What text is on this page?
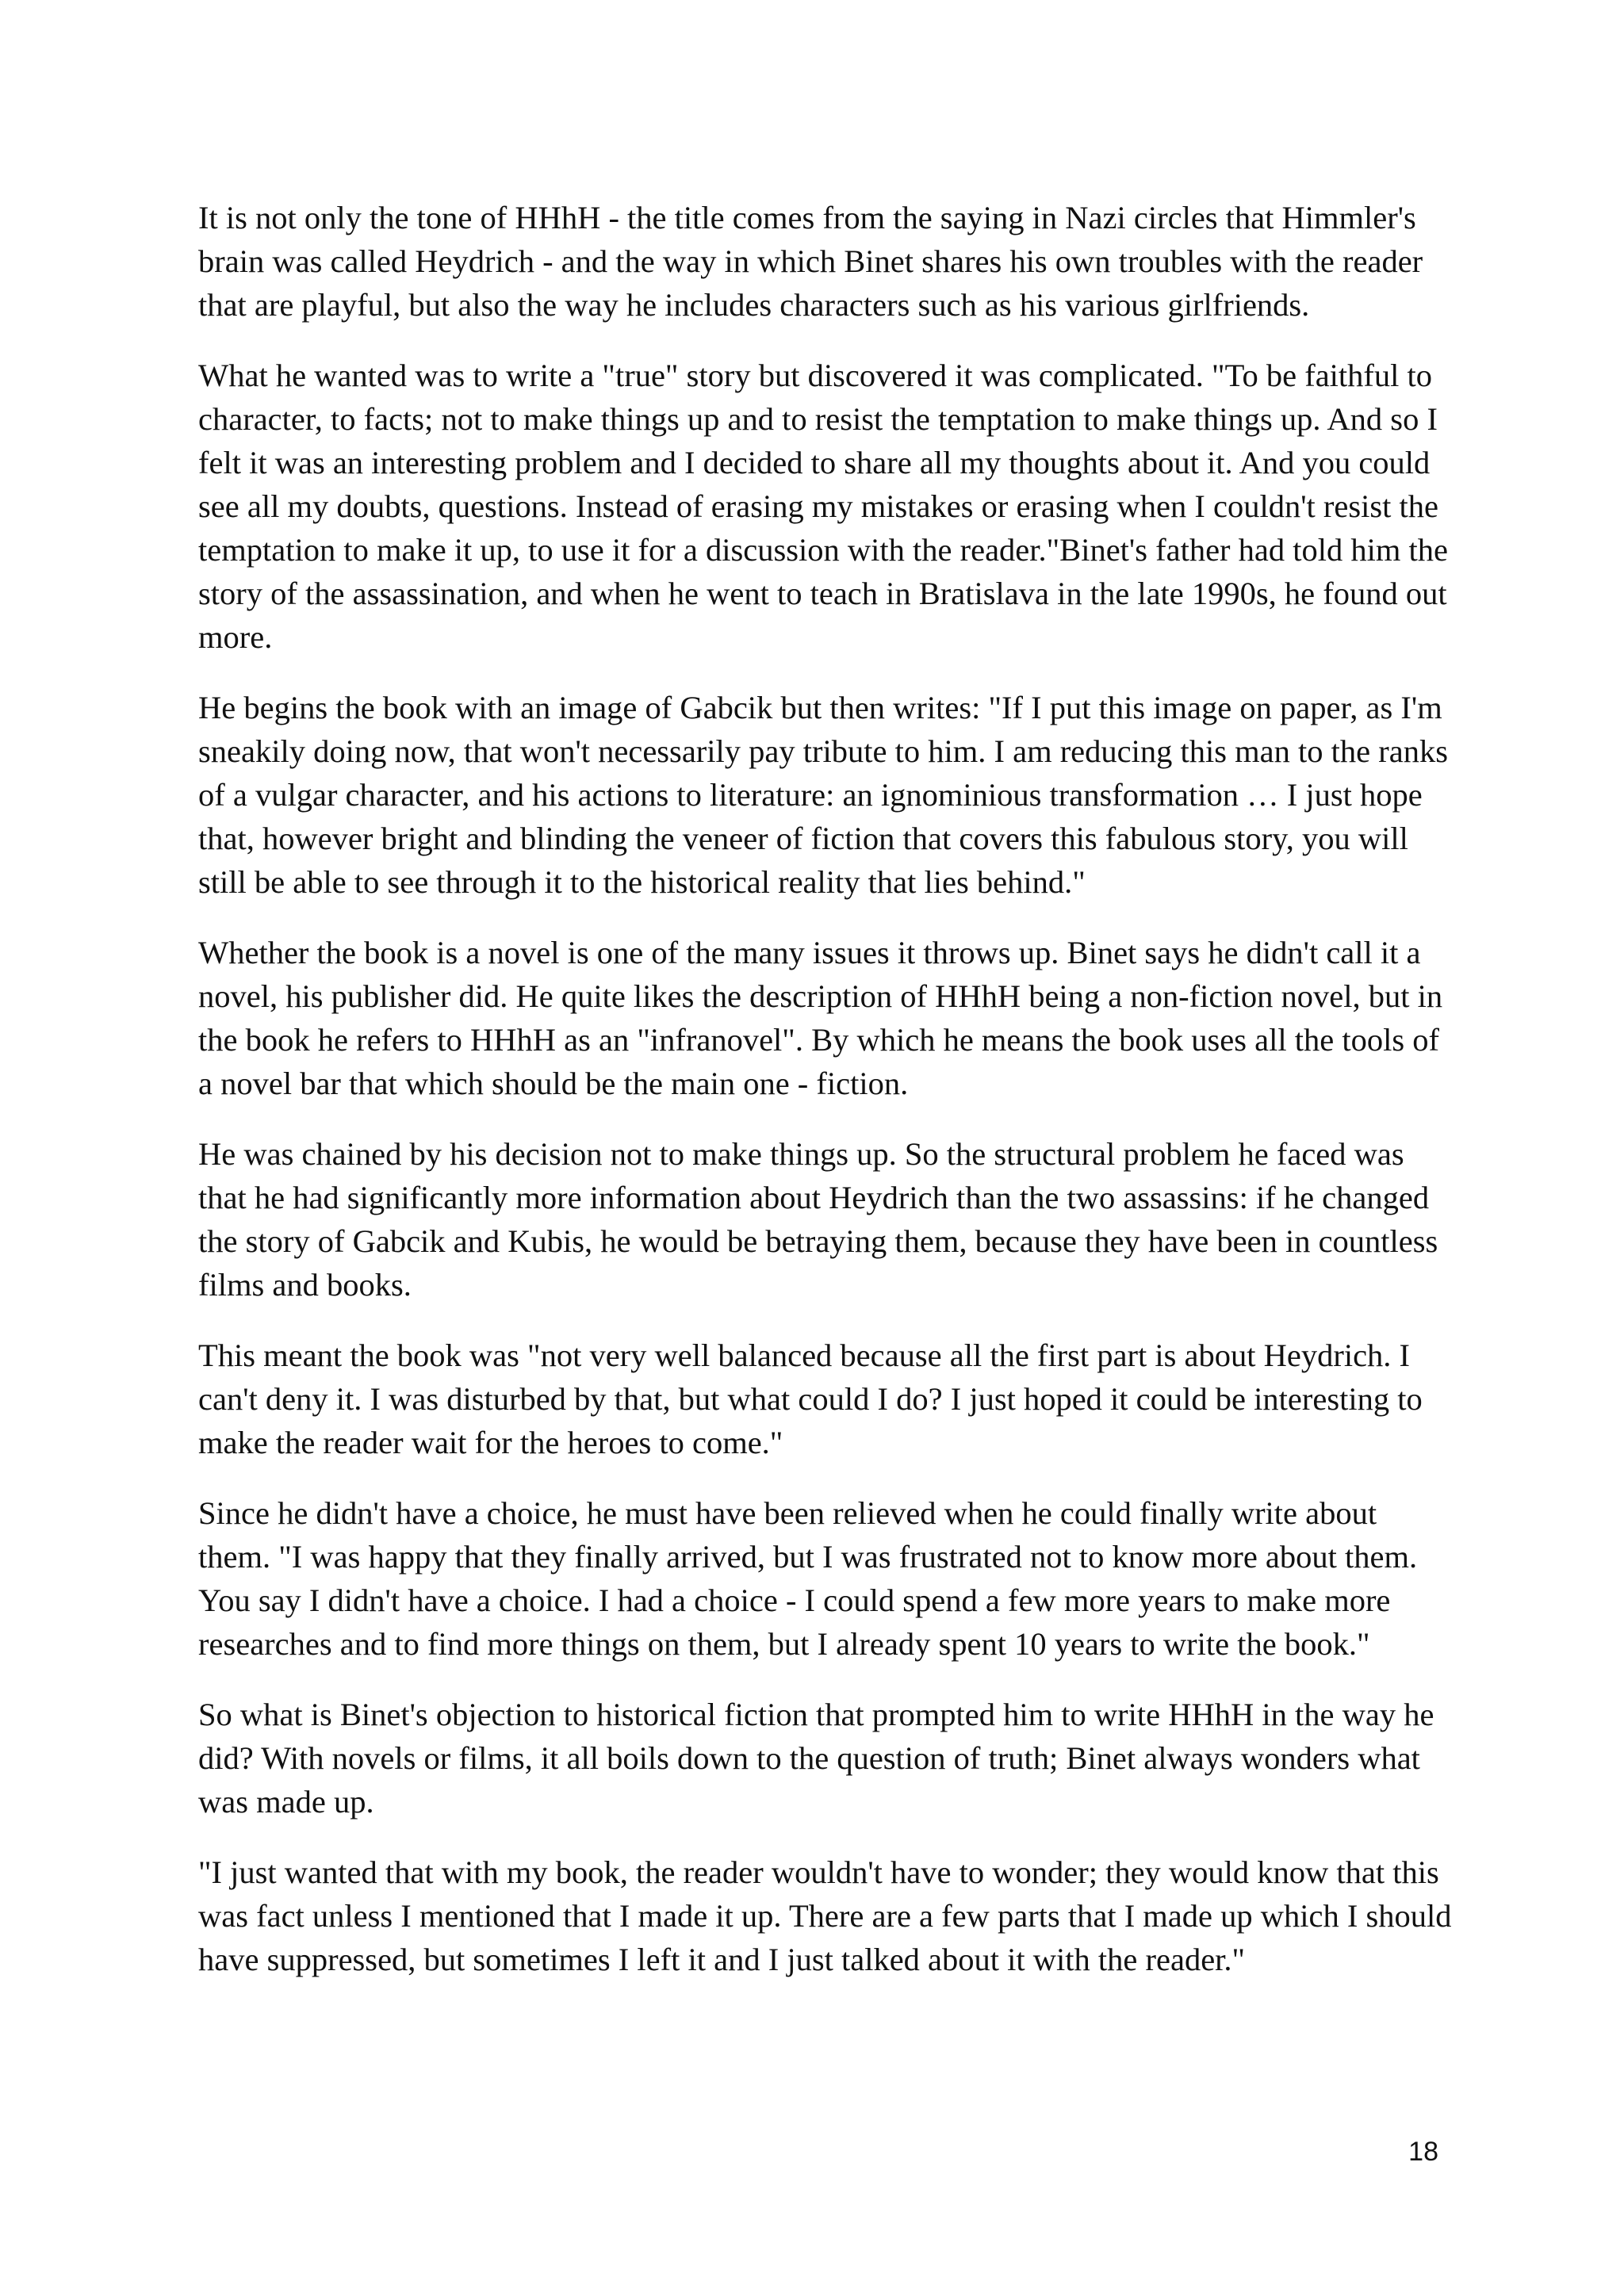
It is not only the tone of HHhH - the title comes from the saying in Nazi circles that Himmler's brain was called Heydrich - and the way in which Binet shares his own troubles with the reader that are playful, but also the way he includes characters such as his various girlfriends.

What he wanted was to write a "true" story but discovered it was complicated. "To be faithful to character, to facts; not to make things up and to resist the temptation to make things up. And so I felt it was an interesting problem and I decided to share all my thoughts about it. And you could see all my doubts, questions. Instead of erasing my mistakes or erasing when I couldn't resist the temptation to make it up, to use it for a discussion with the reader."Binet's father had told him the story of the assassination, and when he went to teach in Bratislava in the late 1990s, he found out more.

He begins the book with an image of Gabcik but then writes: "If I put this image on paper, as I'm sneakily doing now, that won't necessarily pay tribute to him. I am reducing this man to the ranks of a vulgar character, and his actions to literature: an ignominious transformation … I just hope that, however bright and blinding the veneer of fiction that covers this fabulous story, you will still be able to see through it to the historical reality that lies behind."

Whether the book is a novel is one of the many issues it throws up. Binet says he didn't call it a novel, his publisher did. He quite likes the description of HHhH being a non-fiction novel, but in the book he refers to HHhH as an "infranovel". By which he means the book uses all the tools of a novel bar that which should be the main one - fiction.

He was chained by his decision not to make things up. So the structural problem he faced was that he had significantly more information about Heydrich than the two assassins: if he changed the story of Gabcik and Kubis, he would be betraying them, because they have been in countless films and books.

This meant the book was "not very well balanced because all the first part is about Heydrich. I can't deny it. I was disturbed by that, but what could I do? I just hoped it could be interesting to make the reader wait for the heroes to come."

Since he didn't have a choice, he must have been relieved when he could finally write about them. "I was happy that they finally arrived, but I was frustrated not to know more about them. You say I didn't have a choice. I had a choice - I could spend a few more years to make more researches and to find more things on them, but I already spent 10 years to write the book."

So what is Binet's objection to historical fiction that prompted him to write HHhH in the way he did? With novels or films, it all boils down to the question of truth; Binet always wonders what was made up.

"I just wanted that with my book, the reader wouldn't have to wonder; they would know that this was fact unless I mentioned that I made it up. There are a few parts that I made up which I should have suppressed, but sometimes I left it and I just talked about it with the reader."

18
